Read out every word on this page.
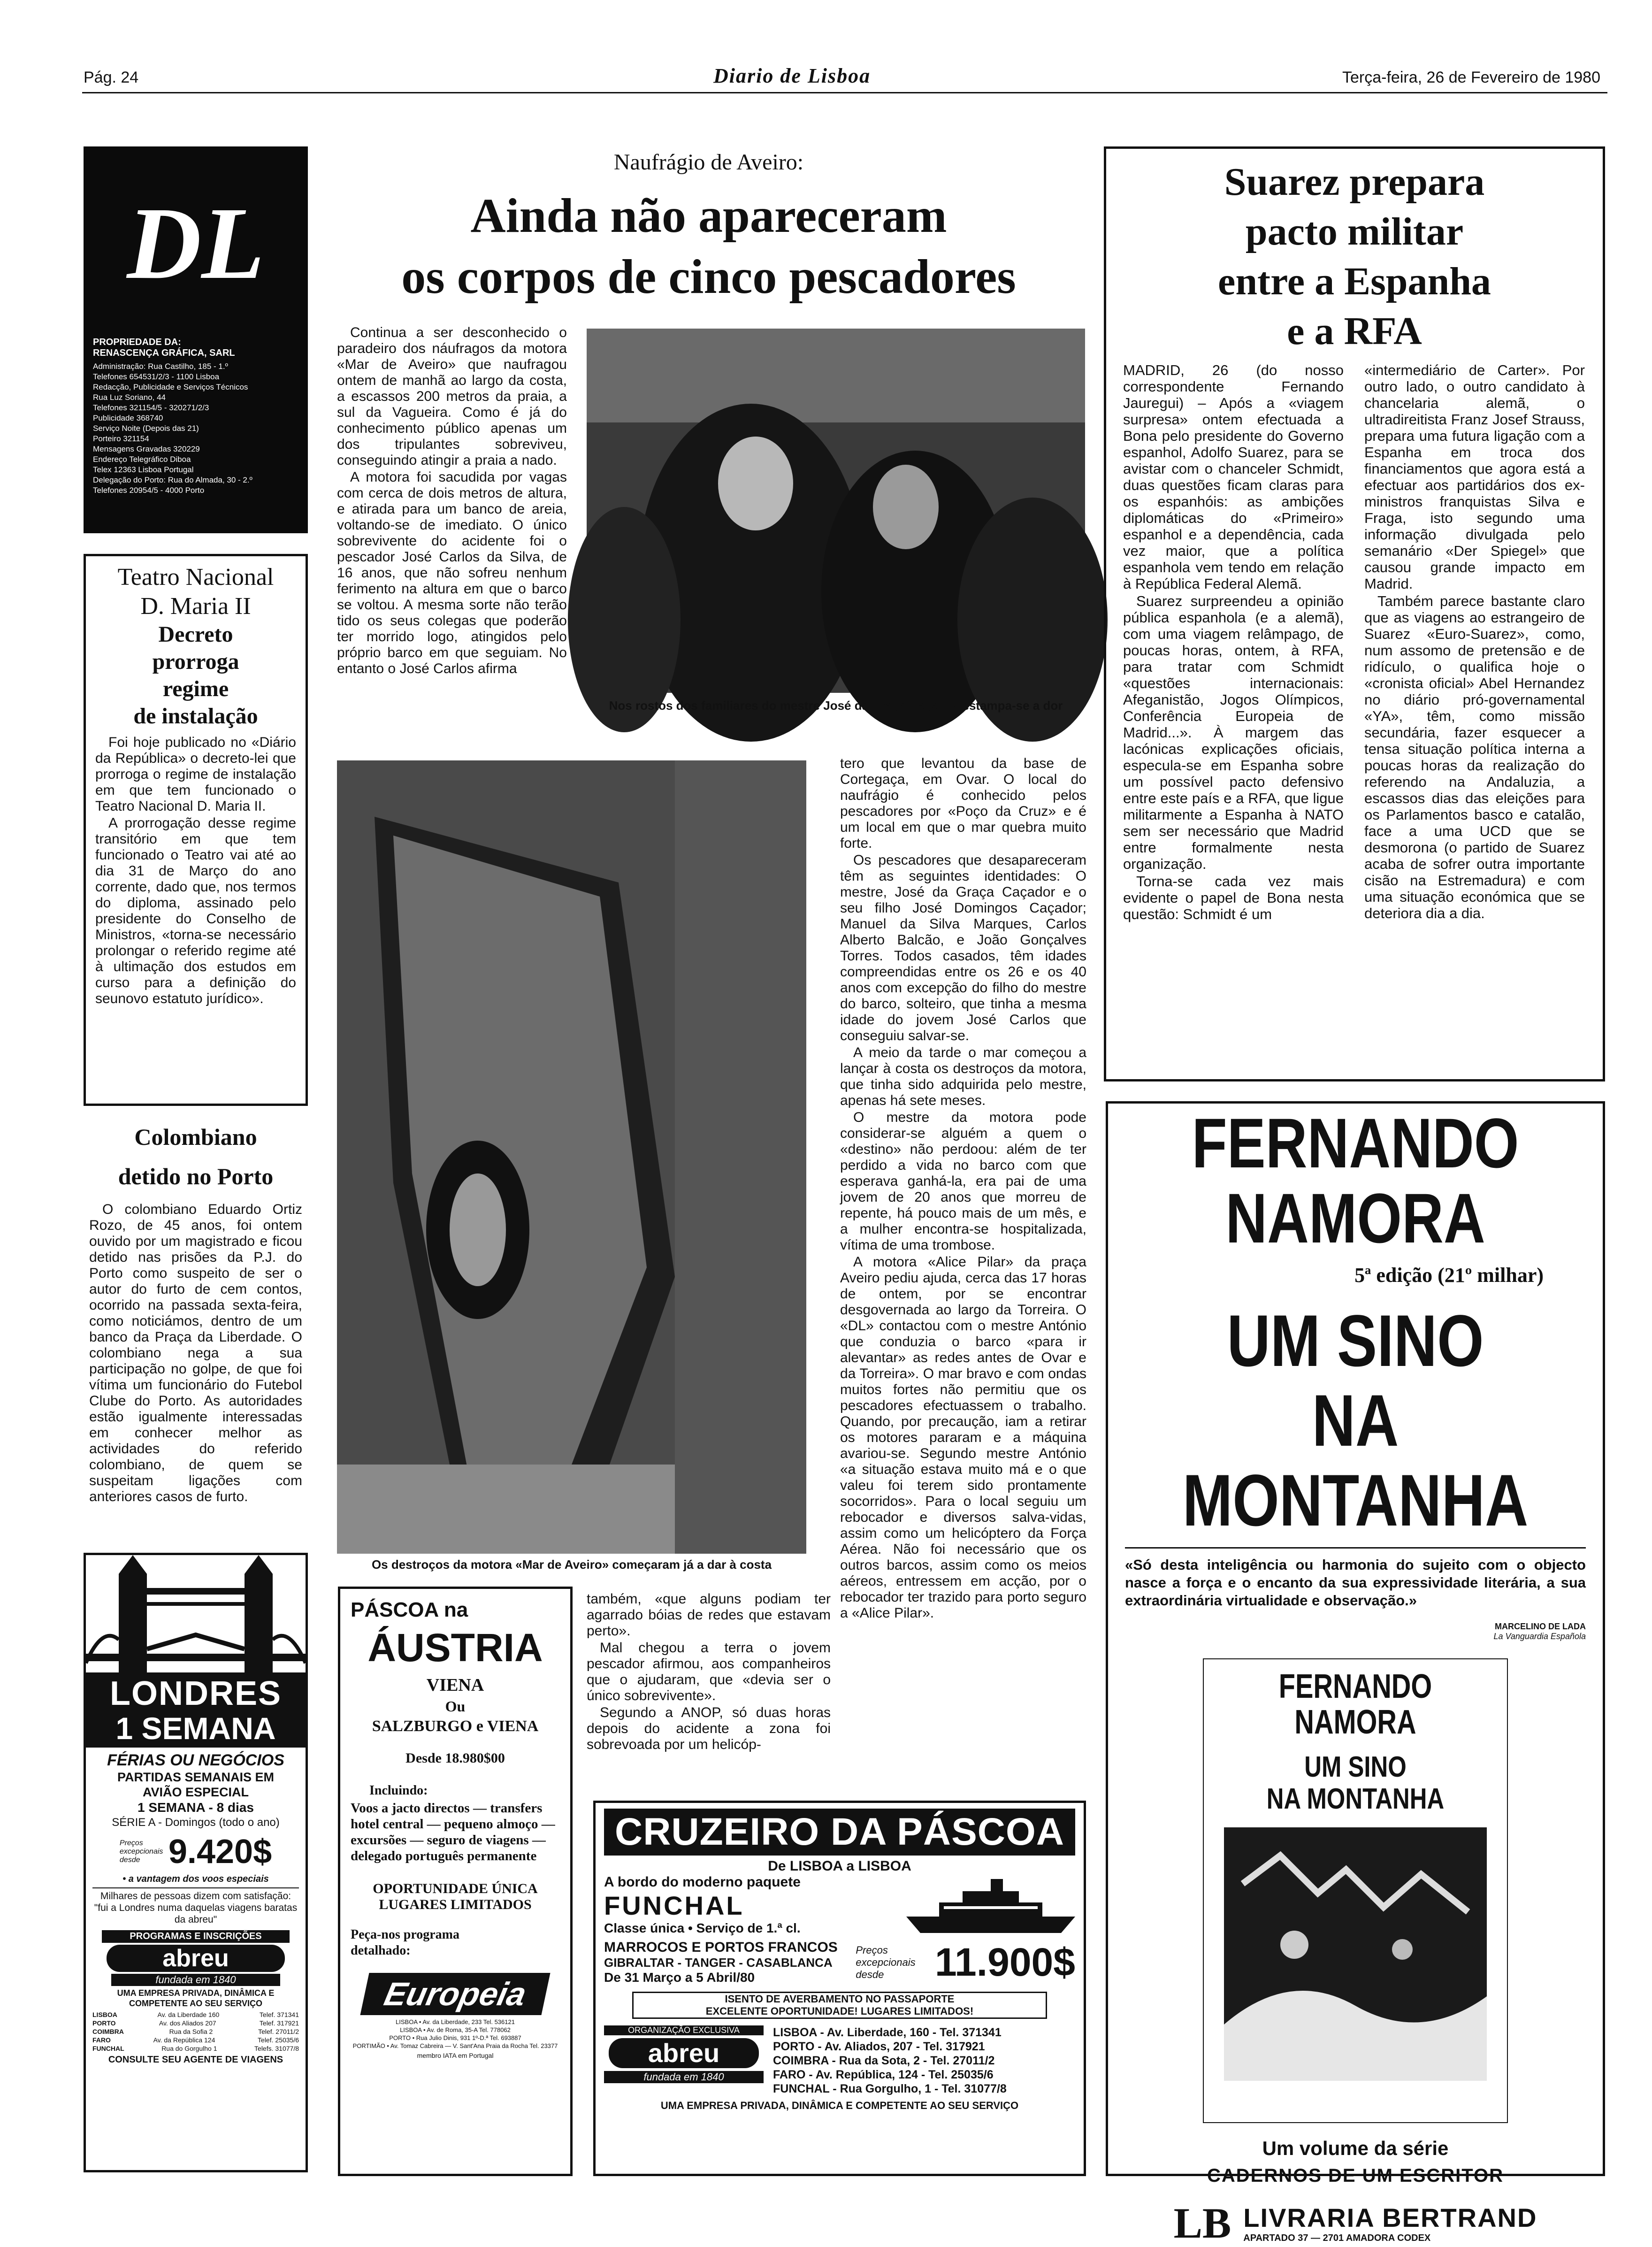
Pág. 24	Diario de Lisboa	Terça-feira, 26 de Fevereiro de 1980
DL
PROPRIEDADE DA:
RENASCENÇA GRÁFICA, SARL
Administração: Rua Castilho, 185 - 1.º
Telefones 654531/2/3 - 1100 Lisboa
Redacção, Publicidade e Serviços Técnicos
Rua Luz Soriano, 44
Telefones 321154/5 - 320271/2/3
Publicidade 368740
Serviço Noite (Depois das 21)
Porteiro 321154
Mensagens Gravadas 320229
Endereço Telegráfico Diboa
Telex 12363 Lisboa Portugal
Delegação do Porto: Rua do Almada, 30 - 2.º
Telefones 20954/5 - 4000 Porto
Teatro Nacional
D. Maria II
Decreto
prorroga
regime
de instalação

Foi hoje publicado no «Diário da República» o decreto-lei que prorroga o regime de instalação em que tem funcionado o Teatro Nacional D. Maria II.

A prorrogação desse regime transitório em que tem funcionado o Teatro vai até ao dia 31 de Março do ano corrente, dado que, nos termos do diploma, assinado pelo presidente do Conselho de Ministros, «torna-se necessário prolongar o referido regime até à ultimação dos estudos em curso para a definição do seunovo estatuto jurídico».

Colombiano
detido no Porto

O colombiano Eduardo Ortiz Rozo, de 45 anos, foi ontem ouvido por um magistrado e ficou detido nas prisões da P.J. do Porto como suspeito de ser o autor do furto de cem contos, ocorrido na passada sexta-feira, como noticiámos, dentro de um banco da Praça da Liberdade. O colombiano nega a sua participação no golpe, de que foi vítima um funcionário do Futebol Clube do Porto. As autoridades estão igualmente interessadas em conhecer melhor as actividades do referido colombiano, de quem se suspeitam ligações com anteriores casos de furto.

LONDRES
1 SEMANA
FÉRIAS OU NEGÓCIOS
PARTIDAS SEMANAIS EM
AVIÃO ESPECIAL
1 SEMANA - 8 dias
SÉRIE A - Domingos (todo o ano)
Preços excepcionais desde 9.420$
• a vantagem dos voos especiais
Milhares de pessoas dizem com satisfação: "fui a Londres numa daquelas viagens baratas da abreu"
PROGRAMAS E INSCRIÇÕES
abreu
fundada em 1840
UMA EMPRESA PRIVADA, DINÂMICA E COMPETENTE AO SEU SERVIÇO
LISBOA	Av. da Liberdade 160	Telef. 371341
PORTO	Av. dos Aliados 207	Telef. 317921
COIMBRA	Rua da Sofia 2	Telef. 27011/2
FARO	Av. da República 124	Telef. 25035/6
FUNCHAL	Rua do Gorgulho 1	Telefs. 31077/8
CONSULTE SEU AGENTE DE VIAGENS
Naufrágio de Aveiro:
Ainda não apareceram
os corpos de cinco pescadores

Continua a ser desconhecido o paradeiro dos náufragos da motora «Mar de Aveiro» que naufragou ontem de manhã ao largo da costa, a escassos 200 metros da praia, a sul da Vagueira. Como é já do conhecimento público apenas um dos tripulantes sobreviveu, conseguindo atingir a praia a nado.

A motora foi sacudida por vagas com cerca de dois metros de altura, e atirada para um banco de areia, voltando-se de imediato. O único sobrevivente do acidente foi o pescador José Carlos da Silva, de 16 anos, que não sofreu nenhum ferimento na altura em que o barco se voltou. A mesma sorte não terão tido os seus colegas que poderão ter morrido logo, atingidos pelo próprio barco em que seguiam. No entanto o José Carlos afirma

Nos rostos dos familiares do mestre José da Graça Caçador estampa-se a dor
Os destroços da motora «Mar de Aveiro» começaram já a dar à costa

tero que levantou da base de Cortegaça, em Ovar. O local do naufrágio é conhecido pelos pescadores por «Poço da Cruz» e é um local em que o mar quebra muito forte.

Os pescadores que desapareceram têm as seguintes identidades: O mestre, José da Graça Caçador e o seu filho José Domingos Caçador; Manuel da Silva Marques, Carlos Alberto Balcão, e João Gonçalves Torres. Todos casados, têm idades compreendidas entre os 26 e os 40 anos com excepção do filho do mestre do barco, solteiro, que tinha a mesma idade do jovem José Carlos que conseguiu salvar-se.

A meio da tarde o mar começou a lançar à costa os destroços da motora, que tinha sido adquirida pelo mestre, apenas há sete meses.

O mestre da motora pode considerar-se alguém a quem o «destino» não perdoou: além de ter perdido a vida no barco com que esperava ganhá-la, era pai de uma jovem de 20 anos que morreu de repente, há pouco mais de um mês, e a mulher encontra-se hospitalizada, vítima de uma trombose.

A motora «Alice Pilar» da praça Aveiro pediu ajuda, cerca das 17 horas de ontem, por se encontrar desgovernada ao largo da Torreira. O «DL» contactou com o mestre António que conduzia o barco «para ir alevantar» as redes antes de Ovar e da Torreira». O mar bravo e com ondas muitos fortes não permitiu que os pescadores efectuassem o trabalho. Quando, por precaução, iam a retirar os motores pararam e a máquina avariou-se. Segundo mestre António «a situação estava muito má e o que valeu foi terem sido prontamente socorridos». Para o local seguiu um rebocador e diversos salva-vidas, assim como um helicóptero da Força Aérea. Não foi necessário que os outros barcos, assim como os meios aéreos, entressem em acção, por o rebocador ter trazido para porto seguro a «Alice Pilar».

também, «que alguns podiam ter agarrado bóias de redes que estavam perto».

Mal chegou a terra o jovem pescador afirmou, aos companheiros que o ajudaram, que «devia ser o único sobrevivente».

Segundo a ANOP, só duas horas depois do acidente a zona foi sobrevoada por um helicóp-

PÁSCOA na
ÁUSTRIA
VIENA
Ou
SALZBURGO e VIENA
Desde 18.980$00
Incluindo:
Voos a jacto directos — transfers hotel central — pequeno almoço —excursões — seguro de viagens — delegado português permanente
OPORTUNIDADE ÚNICA
LUGARES LIMITADOS
Peça-nos programa detalhado:
Europeia
LISBOA • Av. da Liberdade, 233 Tel. 536121
LISBOA • Av. de Roma, 35-A Tel. 778062
PORTO • Rua Julio Dinis, 931 1º-D.ª Tel. 693887
PORTIMÃO • Av. Tomaz Cabreira — V. Sant'Ana Praia da Rocha Tel. 23377
membro IATA em Portugal
CRUZEIRO DA PÁSCOA
De LISBOA a LISBOA
A bordo do moderno paquete
FUNCHAL
Classe única • Serviço de 1.ª cl.
MARROCOS E PORTOS FRANCOS
GIBRALTAR - TANGER - CASABLANCA
De 31 Março a 5 Abril/80
Preços excepcionais desde	11.900$
ISENTO DE AVERBAMENTO NO PASSAPORTE
EXCELENTE OPORTUNIDADE! LUGARES LIMITADOS!
ORGANIZAÇÃO EXCLUSIVA
abreu
fundada em 1840
LISBOA - Av. Liberdade, 160 - Tel. 371341
PORTO - Av. Aliados, 207 - Tel. 317921
COIMBRA - Rua da Sota, 2 - Tel. 27011/2
FARO - Av. República, 124 - Tel. 25035/6
FUNCHAL - Rua Gorgulho, 1 - Tel. 31077/8
UMA EMPRESA PRIVADA, DINÂMICA E COMPETENTE AO SEU SERVIÇO
Suarez prepara
pacto militar
entre a Espanha
e a RFA

MADRID, 26 (do nosso correspondente Fernando Jauregui) – Após a «viagem surpresa» ontem efectuada a Bona pelo presidente do Governo espanhol, Adolfo Suarez, para se avistar com o chanceler Schmidt, duas questões ficam claras para os espanhóis: as ambições diplomáticas do «Primeiro» espanhol e a dependência, cada vez maior, que a política espanhola vem tendo em relação à República Federal Alemã.

Suarez surpreendeu a opinião pública espanhola (e a alemã), com uma viagem relâmpago, de poucas horas, ontem, à RFA, para tratar com Schmidt «questões internacionais: Afeganistão, Jogos Olímpicos, Conferência Europeia de Madrid...». À margem das lacónicas explicações oficiais, especula-se em Espanha sobre um possível pacto defensivo entre este país e a RFA, que ligue militarmente a Espanha à NATO sem ser necessário que Madrid entre formalmente nesta organização.

Torna-se cada vez mais evidente o papel de Bona nesta questão: Schmidt é um

«intermediário de Carter». Por outro lado, o outro candidato à chancelaria alemã, o ultradireitista Franz Josef Strauss, prepara uma futura ligação com a Espanha em troca dos financiamentos que agora está a efectuar aos partidários dos ex-ministros franquistas Silva e Fraga, isto segundo uma informação divulgada pelo semanário «Der Spiegel» que causou grande impacto em Madrid.

Também parece bastante claro que as viagens ao estrangeiro de Suarez «Euro-Suarez», como, num assomo de pretensão e de ridículo, o qualifica hoje o «cronista oficial» Abel Hernandez no diário pró-governamental «YA», têm, como missão secundária, fazer esquecer a tensa situação política interna a poucas horas da realização do referendo na Andaluzia, a escassos dias das eleições para os Parlamentos basco e catalão, face a uma UCD que se desmorona (o partido de Suarez acaba de sofrer outra importante cisão na Estremadura) e com uma situação económica que se deteriora dia a dia.

FERNANDO
NAMORA
5ª edição (21º milhar)
UM SINO
NA MONTANHA
«Só desta inteligência ou harmonia do sujeito com o objecto nasce a força e o encanto da sua expressividade literária, a sua extraordinária virtualidade e observação.»
MARCELINO DE LADA
La Vanguardia Española
FERNANDO
NAMORA
UM SINO
NA MONTANHA
Um volume da série
CADERNOS DE UM ESCRITOR
LB LIVRARIA BERTRAND
APARTADO 37 — 2701 AMADORA CODEX
